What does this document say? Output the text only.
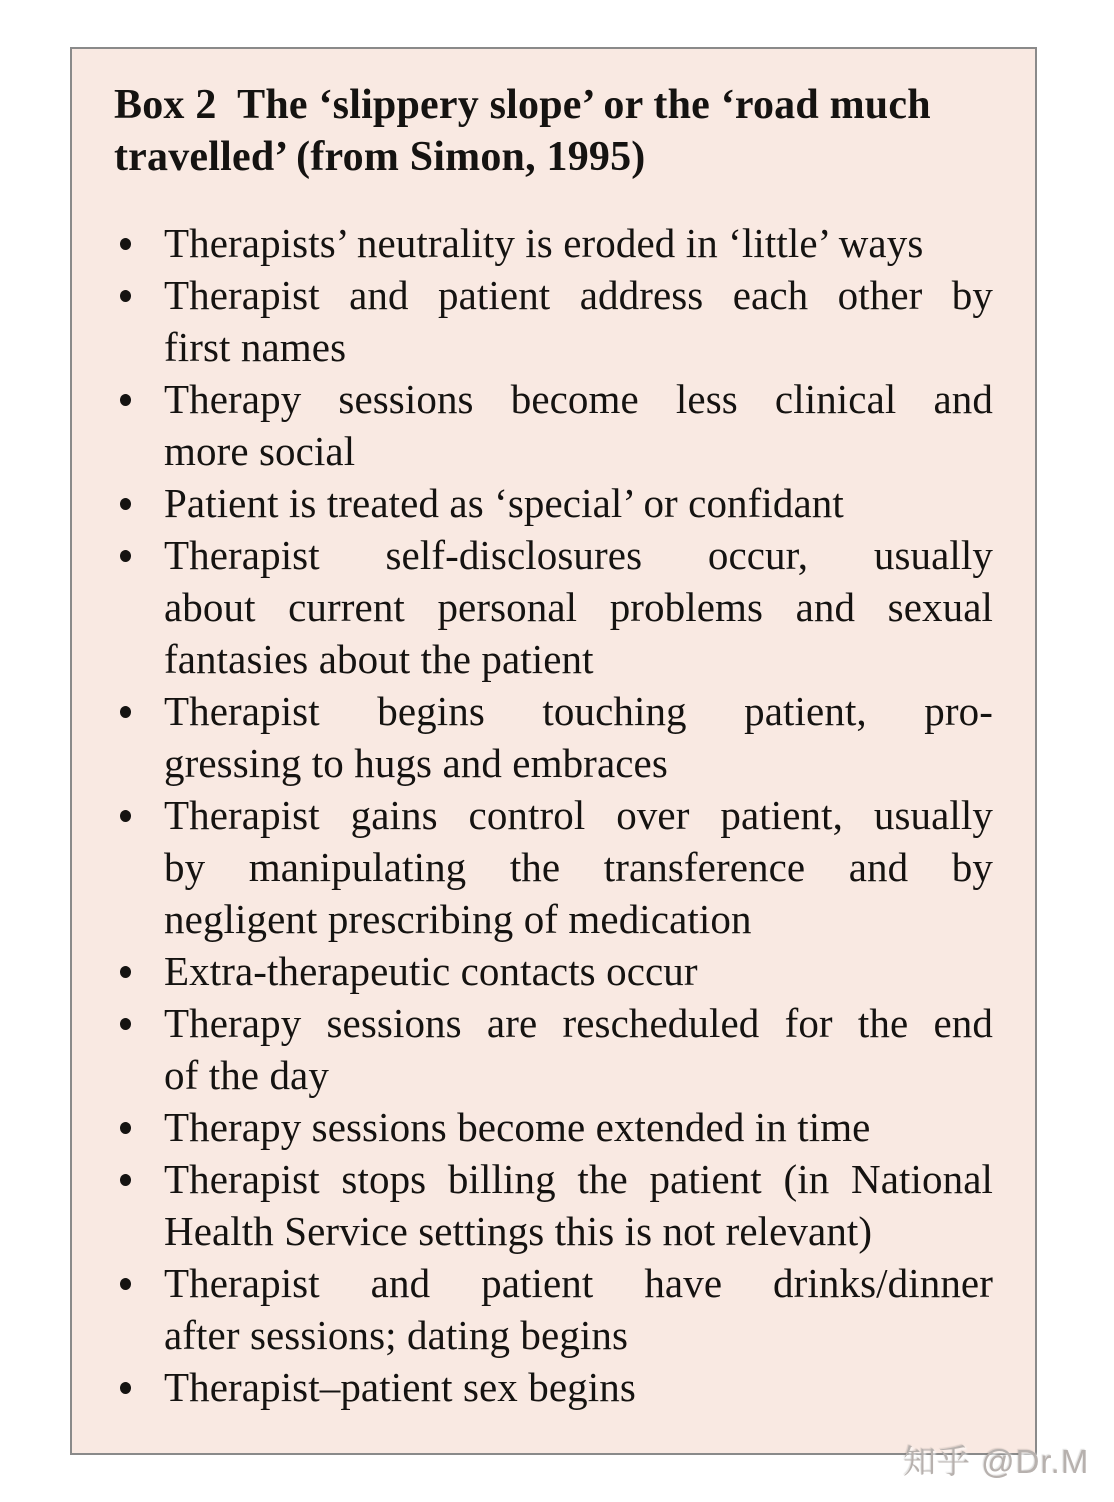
Box 2  The ‘slippery slope’ or the ‘road much
travelled’ (from Simon, 1995)
Therapists’ neutrality is eroded in ‘little’ ways
Therapist and patient address each other by
first names
Therapy sessions become less clinical and
more social
Patient is treated as ‘special’ or confidant
Therapist self-disclosures occur, usually
about current personal problems and sexual
fantasies about the patient
Therapist begins touching patient, pro-
gressing to hugs and embraces
Therapist gains control over patient, usually
by manipulating the transference and by
negligent prescribing of medication
Extra-therapeutic contacts occur
Therapy sessions are rescheduled for the end
of the day
Therapy sessions become extended in time
Therapist stops billing the patient (in National
Health Service settings this is not relevant)
Therapist and patient have drinks/dinner
after sessions; dating begins
Therapist–patient sex begins
知乎 @Dr.M
